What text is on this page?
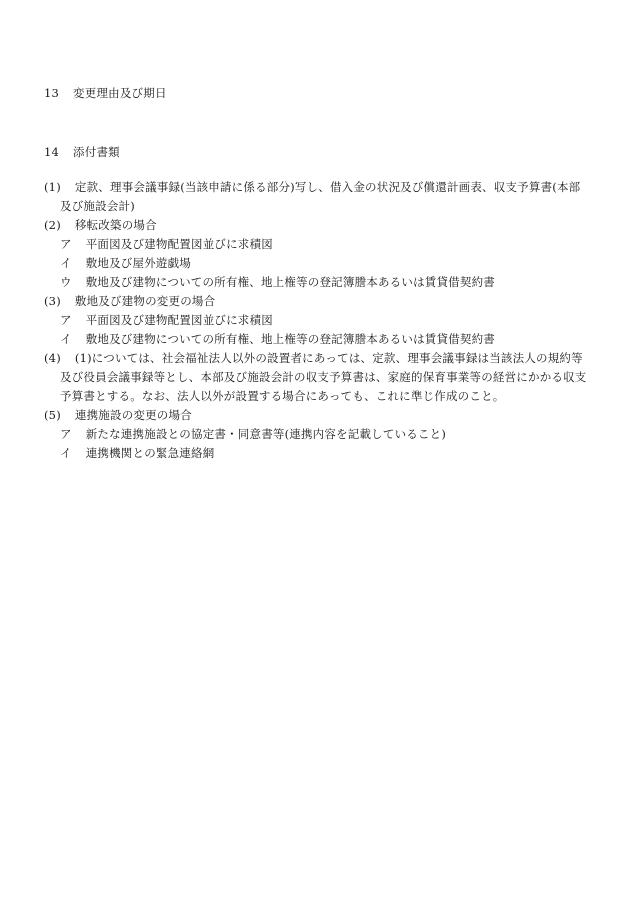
13 変更理由及び期日
14 添付書類
(1) 定款、理事会議事録(当該申請に係る部分)写し、借入金の状況及び償還計画表、収支予算書(本部
及び施設会計)
(2) 移転改築の場合
ア 平面図及び建物配置図並びに求積図
イ 敷地及び屋外遊戯場
ウ 敷地及び建物についての所有権、地上権等の登記簿謄本あるいは賃貸借契約書
(3) 敷地及び建物の変更の場合
ア 平面図及び建物配置図並びに求積図
イ 敷地及び建物についての所有権、地上権等の登記簿謄本あるいは賃貸借契約書
(4) (1)については、社会福祉法人以外の設置者にあっては、定款、理事会議事録は当該法人の規約等
及び役員会議事録等とし、本部及び施設会計の収支予算書は、家庭的保育事業等の経営にかかる収支
予算書とする。なお、法人以外が設置する場合にあっても、これに準じ作成のこと。
(5) 連携施設の変更の場合
ア 新たな連携施設との協定書・同意書等(連携内容を記載していること)
イ 連携機関との緊急連絡網
